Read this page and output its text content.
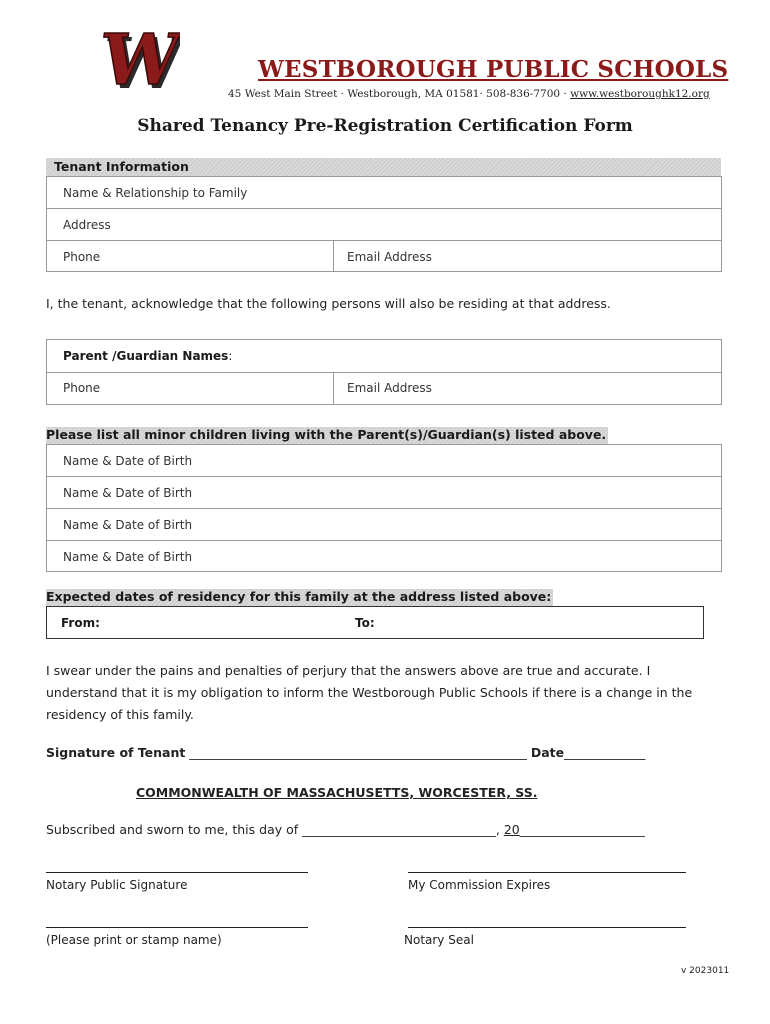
W
W	WESTBOROUGH PUBLIC SCHOOLS
45 West Main Street · Westborough, MA 01581· 508-836-7700 · www.westboroughk12.org
Shared Tenancy Pre-Registration Certification Form
Tenant Information
Name & Relationship to Family
Address
Phone	Email Address
I, the tenant, acknowledge that the following persons will also be residing at that address.
Parent /Guardian Names:
Phone	Email Address
Please list all minor children living with the Parent(s)/Guardian(s) listed above.
Name & Date of Birth
Name & Date of Birth
Name & Date of Birth
Name & Date of Birth
Expected dates of residency for this family at the address listed above:
From:	To:
I swear under the pains and penalties of perjury that the answers above are true and accurate. I understand that it is my obligation to inform the Westborough Public Schools if there is a change in the residency of this family.
Signature of Tenant ______________________________________________________ Date_____________
COMMONWEALTH OF MASSACHUSETTS, WORCESTER, SS.
Subscribed and sworn to me, this day of _______________________________, 20____________________
Notary Public Signature	My Commission Expires
(Please print or stamp name)	Notary Seal
v 2023011
